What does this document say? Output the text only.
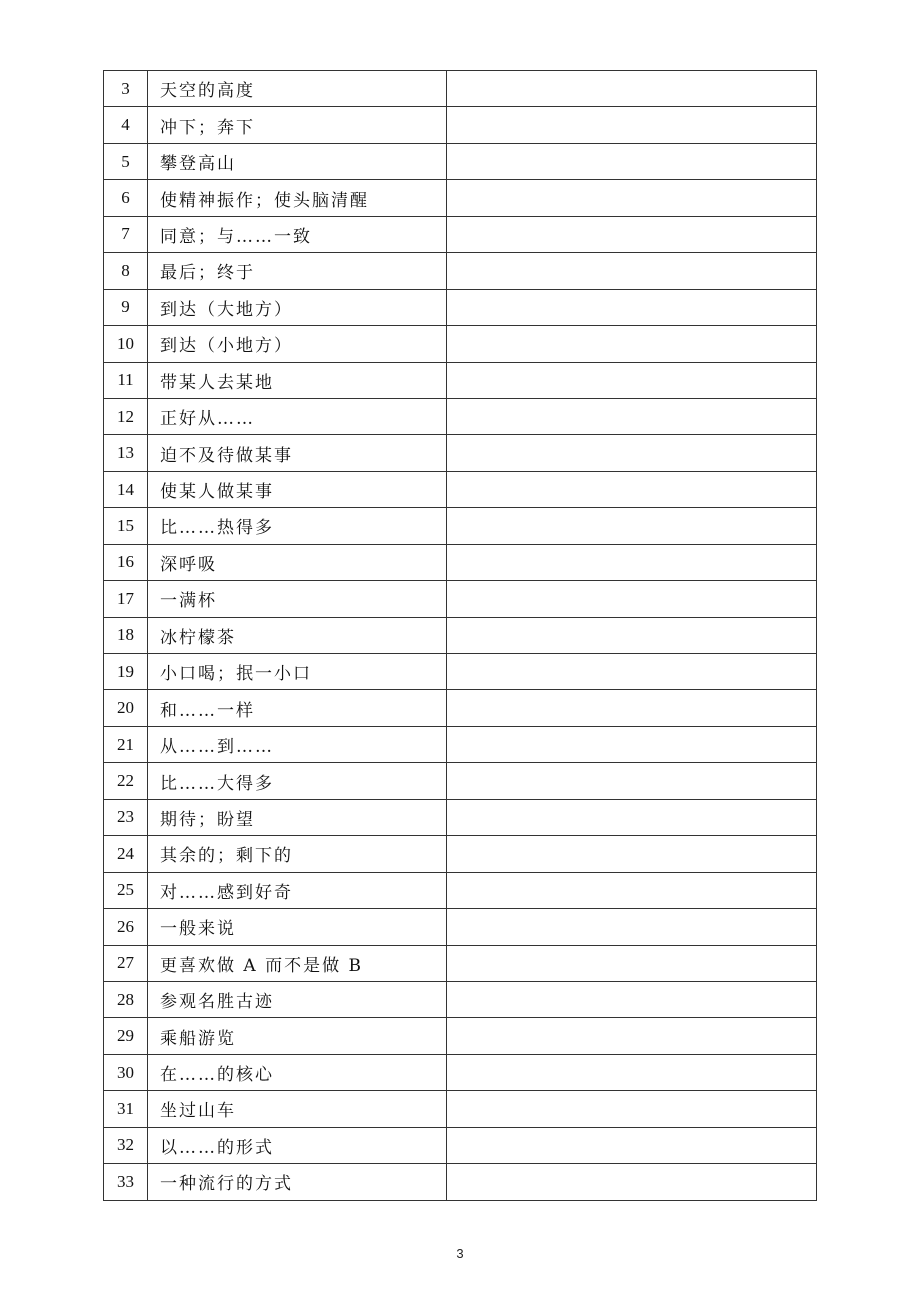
3	天空的高度	
4	冲下；奔下	
5	攀登高山	
6	使精神振作；使头脑清醒	
7	同意；与……一致	
8	最后；终于	
9	到达（大地方）	
10	到达（小地方）	
11	带某人去某地	
12	正好从……	
13	迫不及待做某事	
14	使某人做某事	
15	比……热得多	
16	深呼吸	
17	一满杯	
18	冰柠檬茶	
19	小口喝；抿一小口	
20	和……一样	
21	从……到……	
22	比……大得多	
23	期待；盼望	
24	其余的；剩下的	
25	对……感到好奇	
26	一般来说	
27	更喜欢做 A 而不是做 B	
28	参观名胜古迹	
29	乘船游览	
30	在……的核心	
31	坐过山车	
32	以……的形式	
33	一种流行的方式	
3
